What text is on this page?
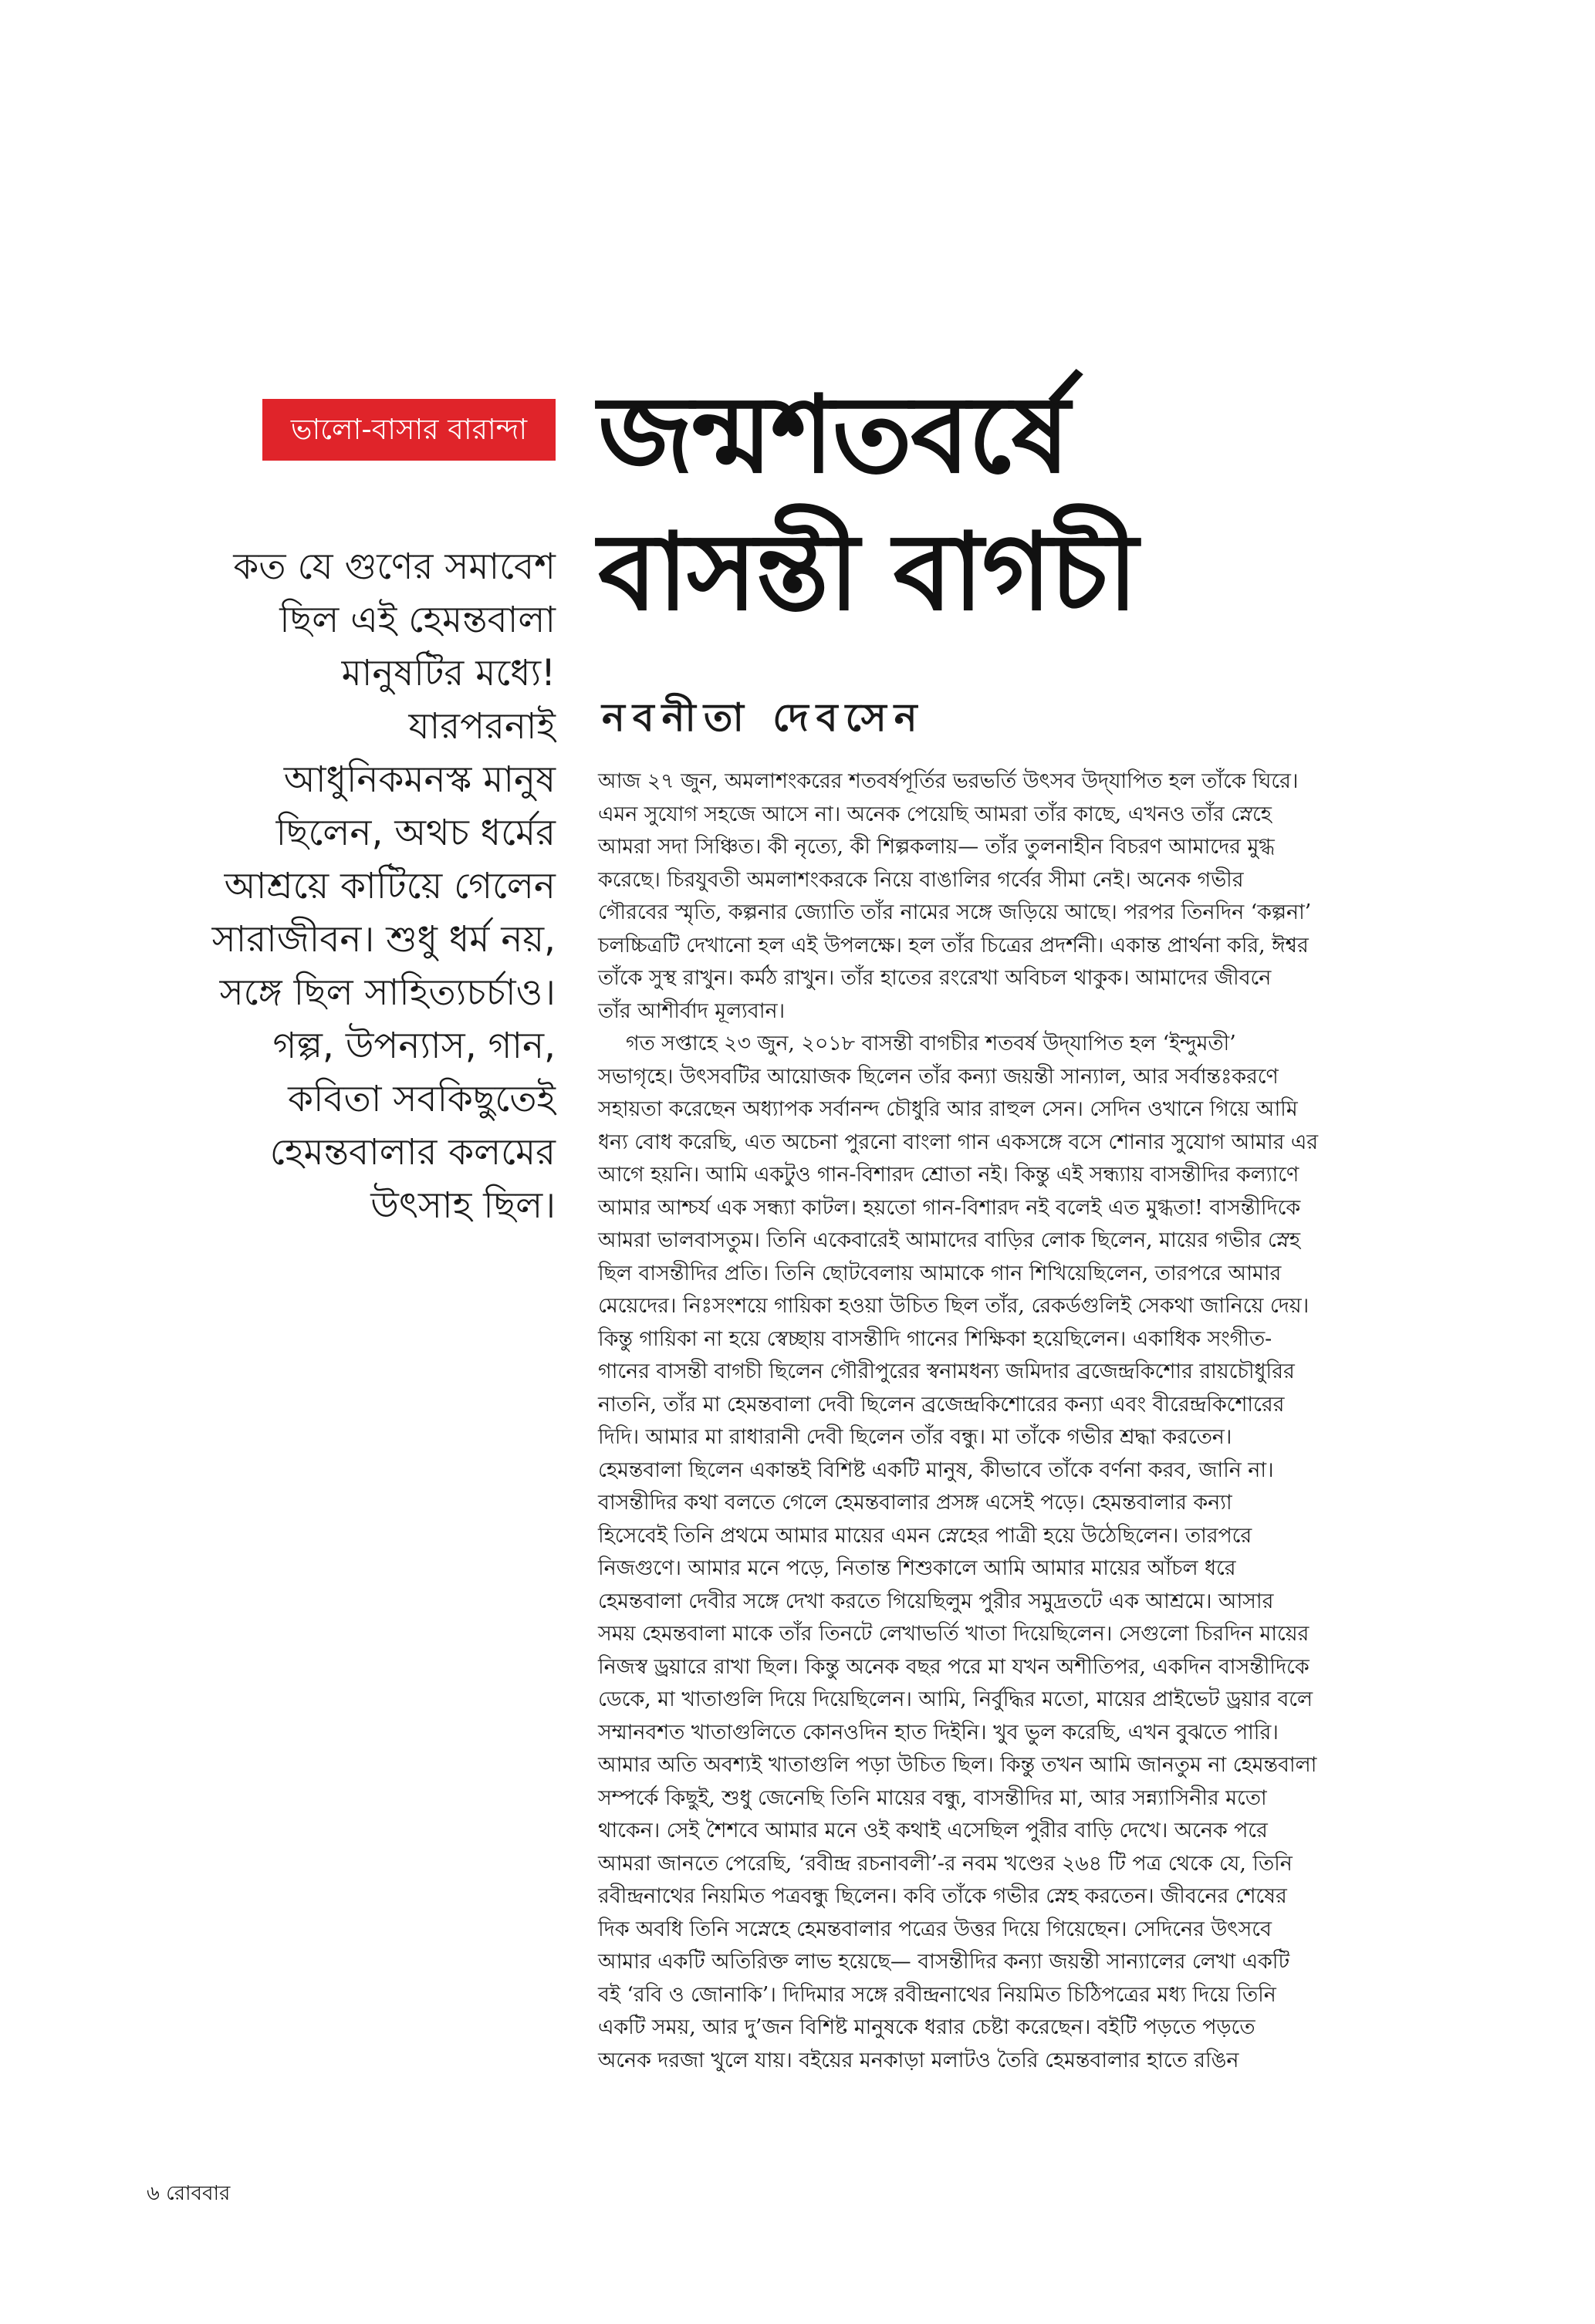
ভালো-বাসার বারান্দা জন্মশতবর্ষে
বাসন্তী বাগচী
নবনীতা দেবসেন
কত যে গুণের সমাবেশ
ছিল এই হেমন্তবালা
মানুষটির মধ্যে!
যারপরনাই
আধুনিকমনস্ক মানুষ
ছিলেন, অথচ ধর্মের
আশ্রয়ে কাটিয়ে গেলেন
সারাজীবন। শুধু ধর্ম নয়,
সঙ্গে ছিল সাহিত্যচর্চাও।
গল্প, উপন্যাস, গান,
কবিতা সবকিছুতেই
হেমন্তবালার কলমের
উৎসাহ ছিল।
আজ ২৭ জুন, অমলাশংকরের শতবর্ষপূর্তির ভরভর্তি উৎসব উদ্‌যাপিত হল তাঁকে ঘিরে।
এমন সুযোগ সহজে আসে না। অনেক পেয়েছি আমরা তাঁর কাছে, এখনও তাঁর স্নেহে
আমরা সদা সিঞ্চিত। কী নৃত্যে, কী শিল্পকলায়— তাঁর তুলনাহীন বিচরণ আমাদের মুগ্ধ
করেছে। চিরযুবতী অমলাশংকরকে নিয়ে বাঙালির গর্বের সীমা নেই। অনেক গভীর
গৌরবের স্মৃতি, কল্পনার জ্যোতি তাঁর নামের সঙ্গে জড়িয়ে আছে। পরপর তিনদিন ‘কল্পনা’
চলচ্চিত্রটি দেখানো হল এই উপলক্ষে। হল তাঁর চিত্রের প্রদর্শনী। একান্ত প্রার্থনা করি, ঈশ্বর
তাঁকে সুস্থ রাখুন। কর্মঠ রাখুন। তাঁর হাতের রংরেখা অবিচল থাকুক। আমাদের জীবনে
তাঁর আশীর্বাদ মূল্যবান।
গত সপ্তাহে ২৩ জুন, ২০১৮ বাসন্তী বাগচীর শতবর্ষ উদ্‌যাপিত হল ‘ইন্দুমতী’
সভাগৃহে। উৎসবটির আয়োজক ছিলেন তাঁর কন্যা জয়ন্তী সান্যাল, আর সর্বান্তঃকরণে
সহায়তা করেছেন অধ্যাপক সর্বানন্দ চৌধুরি আর রাহুল সেন। সেদিন ওখানে গিয়ে আমি
ধন্য বোধ করেছি, এত অচেনা পুরনো বাংলা গান একসঙ্গে বসে শোনার সুযোগ আমার এর
আগে হয়নি। আমি একটুও গান-বিশারদ শ্রোতা নই। কিন্তু এই সন্ধ্যায় বাসন্তীদির কল্যাণে
আমার আশ্চর্য এক সন্ধ্যা কাটল। হয়তো গান-বিশারদ নই বলেই এত মুগ্ধতা! বাসন্তীদিকে
আমরা ভালবাসতুম। তিনি একেবারেই আমাদের বাড়ির লোক ছিলেন, মায়ের গভীর স্নেহ
ছিল বাসন্তীদির প্রতি। তিনি ছোটবেলায় আমাকে গান শিখিয়েছিলেন, তারপরে আমার
মেয়েদের। নিঃসংশয়ে গায়িকা হওয়া উচিত ছিল তাঁর, রেকর্ডগুলিই সেকথা জানিয়ে দেয়।
কিন্তু গায়িকা না হয়ে স্বেচ্ছায় বাসন্তীদি গানের শিক্ষিকা হয়েছিলেন। একাধিক সংগীত-
গানের বাসন্তী বাগচী ছিলেন গৌরীপুরের স্বনামধন্য জমিদার ব্রজেন্দ্রকিশোর রায়চৌধুরির
নাতনি, তাঁর মা হেমন্তবালা দেবী ছিলেন ব্রজেন্দ্রকিশোরের কন্যা এবং বীরেন্দ্রকিশোরের
দিদি। আমার মা রাধারানী দেবী ছিলেন তাঁর বন্ধু। মা তাঁকে গভীর শ্রদ্ধা করতেন।
হেমন্তবালা ছিলেন একান্তই বিশিষ্ট একটি মানুষ, কীভাবে তাঁকে বর্ণনা করব, জানি না।
বাসন্তীদির কথা বলতে গেলে হেমন্তবালার প্রসঙ্গ এসেই পড়ে। হেমন্তবালার কন্যা
হিসেবেই তিনি প্রথমে আমার মায়ের এমন স্নেহের পাত্রী হয়ে উঠেছিলেন। তারপরে
নিজগুণে। আমার মনে পড়ে, নিতান্ত শিশুকালে আমি আমার মায়ের আঁচল ধরে
হেমন্তবালা দেবীর সঙ্গে দেখা করতে গিয়েছিলুম পুরীর সমুদ্রতটে এক আশ্রমে। আসার
সময় হেমন্তবালা মাকে তাঁর তিনটে লেখাভর্তি খাতা দিয়েছিলেন। সেগুলো চিরদিন মায়ের
নিজস্ব ড্রয়ারে রাখা ছিল। কিন্তু অনেক বছর পরে মা যখন অশীতিপর, একদিন বাসন্তীদিকে
ডেকে, মা খাতাগুলি দিয়ে দিয়েছিলেন। আমি, নির্বুদ্ধির মতো, মায়ের প্রাইভেট ড্রয়ার বলে
সম্মানবশত খাতাগুলিতে কোনওদিন হাত দিইনি। খুব ভুল করেছি, এখন বুঝতে পারি।
আমার অতি অবশ্যই খাতাগুলি পড়া উচিত ছিল। কিন্তু তখন আমি জানতুম না হেমন্তবালা
সম্পর্কে কিছুই, শুধু জেনেছি তিনি মায়ের বন্ধু, বাসন্তীদির মা, আর সন্ন্যাসিনীর মতো
থাকেন। সেই শৈশবে আমার মনে ওই কথাই এসেছিল পুরীর বাড়ি দেখে। অনেক পরে
আমরা জানতে পেরেছি, ‘রবীন্দ্র রচনাবলী’-র নবম খণ্ডের ২৬৪ টি পত্র থেকে যে, তিনি
রবীন্দ্রনাথের নিয়মিত পত্রবন্ধু ছিলেন। কবি তাঁকে গভীর স্নেহ করতেন। জীবনের শেষের
দিক অবধি তিনি সস্নেহে হেমন্তবালার পত্রের উত্তর দিয়ে গিয়েছেন। সেদিনের উৎসবে
আমার একটি অতিরিক্ত লাভ হয়েছে— বাসন্তীদির কন্যা জয়ন্তী সান্যালের লেখা একটি
বই ‘রবি ও জোনাকি’। দিদিমার সঙ্গে রবীন্দ্রনাথের নিয়মিত চিঠিপত্রের মধ্য দিয়ে তিনি
একটি সময়, আর দু’জন বিশিষ্ট মানুষকে ধরার চেষ্টা করেছেন। বইটি পড়তে পড়তে
অনেক দরজা খুলে যায়। বইয়ের মনকাড়া মলাটও তৈরি হেমন্তবালার হাতে রঙিন
৬ রোববার
